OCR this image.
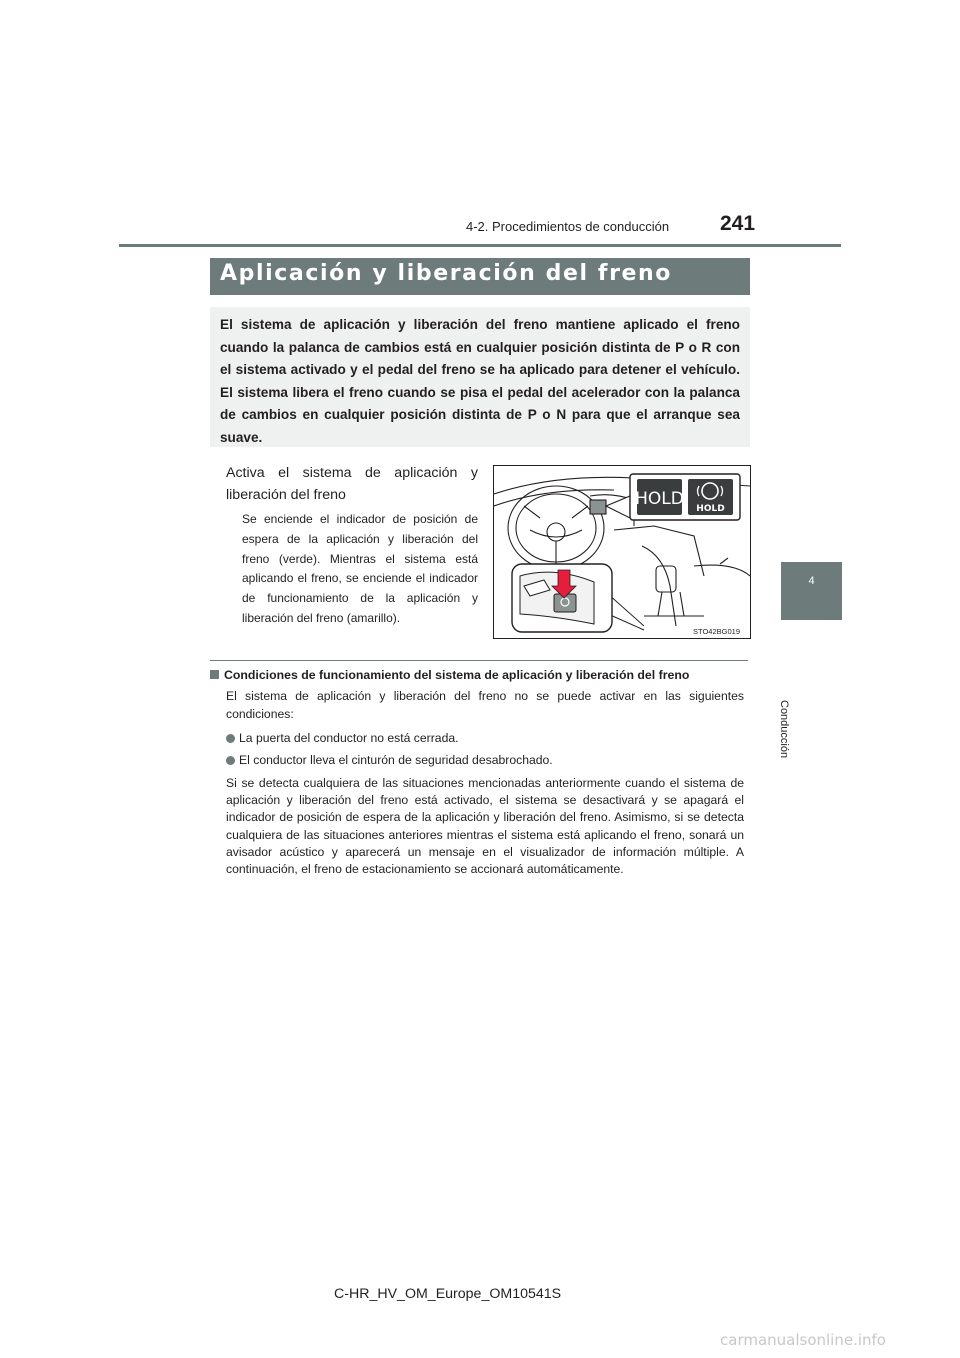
4-2. Procedimientos de conducción 241
4
Conducción
Aplicación y liberación del freno
El sistema de aplicación y liberación del freno mantiene aplicado el freno cuando la palanca de cambios está en cualquier posición distinta de P o R con el sistema activado y el pedal del freno se ha aplicado para detener el vehículo. El sistema libera el freno cuando se pisa el pedal del acelerador con la palanca de cambios en cualquier posición distinta de P o N para que el arranque sea suave.
Activa el sistema de aplicación y liberación del freno
Se enciende el indicador de posición de espera de la aplicación y liberación del freno (verde). Mientras el sistema está aplicando el freno, se enciende el indicador de funcionamiento de la aplicación y liberación del freno (amarillo).
HOLD HOLD
STO42BG019
Condiciones de funcionamiento del sistema de aplicación y liberación del freno
El sistema de aplicación y liberación del freno no se puede activar en las siguientes condiciones:
La puerta del conductor no está cerrada.
El conductor lleva el cinturón de seguridad desabrochado.
Si se detecta cualquiera de las situaciones mencionadas anteriormente cuando el sistema de aplicación y liberación del freno está activado, el sistema se desactivará y se apagará el indicador de posición de espera de la aplicación y liberación del freno. Asimismo, si se detecta cualquiera de las situaciones anteriores mientras el sistema está aplicando el freno, sonará un avisador acústico y aparecerá un mensaje en el visualizador de información múltiple. A continuación, el freno de estacionamiento se accionará automáticamente.
C-HR_HV_OM_Europe_OM10541S
carmanualsonline.info
